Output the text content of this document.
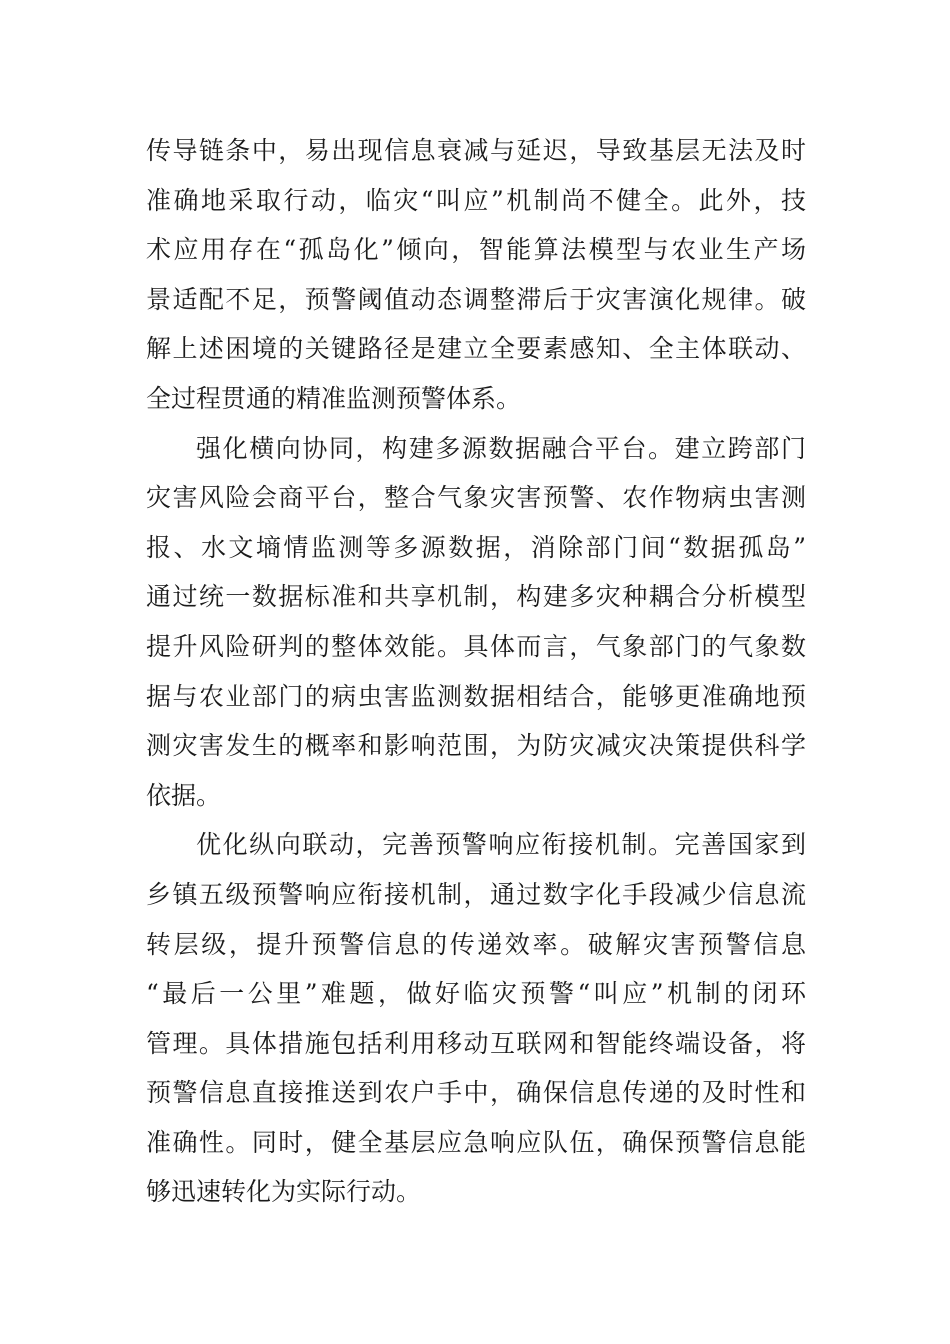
传导链条中，易出现信息衰减与延迟，导致基层无法及时
准确地采取行动，临灾“叫应”机制尚不健全。此外，技
术应用存在“孤岛化”倾向，智能算法模型与农业生产场
景适配不足，预警阈值动态调整滞后于灾害演化规律。破
解上述困境的关键路径是建立全要素感知、全主体联动、
全过程贯通的精准监测预警体系。
强化横向协同，构建多源数据融合平台。建立跨部门
灾害风险会商平台，整合气象灾害预警、农作物病虫害测
报、水文墒情监测等多源数据，消除部门间“数据孤岛”
通过统一数据标准和共享机制，构建多灾种耦合分析模型
提升风险研判的整体效能。具体而言，气象部门的气象数
据与农业部门的病虫害监测数据相结合，能够更准确地预
测灾害发生的概率和影响范围，为防灾减灾决策提供科学
依据。
优化纵向联动，完善预警响应衔接机制。完善国家到
乡镇五级预警响应衔接机制，通过数字化手段减少信息流
转层级，提升预警信息的传递效率。破解灾害预警信息
“最后一公里”难题，做好临灾预警“叫应”机制的闭环
管理。具体措施包括利用移动互联网和智能终端设备，将
预警信息直接推送到农户手中，确保信息传递的及时性和
准确性。同时，健全基层应急响应队伍，确保预警信息能
够迅速转化为实际行动。
